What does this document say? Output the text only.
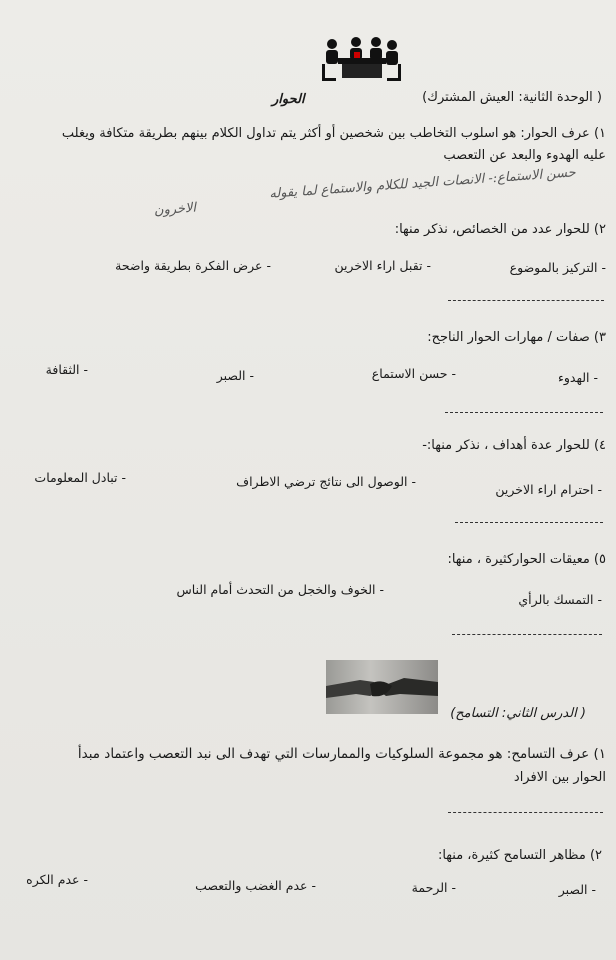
( الوحدة الثانية: العيش المشترك)
الحوار
١) عرف الحوار: هو اسلوب التخاطب بين شخصين أو أكثر يتم تداول الكلام بينهم بطريقة متكافة ويغلب
عليه الهدوء والبعد عن التعصب
حسن الاستماع:- الانصات الجيد للكلام والاستماع لما يقوله
الاخرون
٢) للحوار عدد من الخصائص، نذكر منها:
- التركيز بالموضوع
- تقبل اراء الاخرين
- عرض الفكرة بطريقة واضحة
٣) صفات / مهارات الحوار الناجح:
- الهدوء
- حسن الاستماع
- الصبر
- الثقافة
٤) للحوار عدة أهداف ، نذكر منها:-
- احترام اراء الاخرين
- الوصول الى نتائج ترضي الاطراف
- تبادل المعلومات
٥) معيقات الحواركثيرة ، منها:
- التمسك بالرأي
- الخوف والخجل من التحدث أمام الناس
( الدرس الثاني: التسامح)
١) عرف التسامح: هو مجموعة السلوكيات والممارسات التي تهدف الى نبد التعصب واعتماد مبدأ
الحوار بين الافراد
٢) مظاهر التسامح كثيرة، منها:
- الصبر
- الرحمة
- عدم الغضب والتعصب
- عدم الكره
